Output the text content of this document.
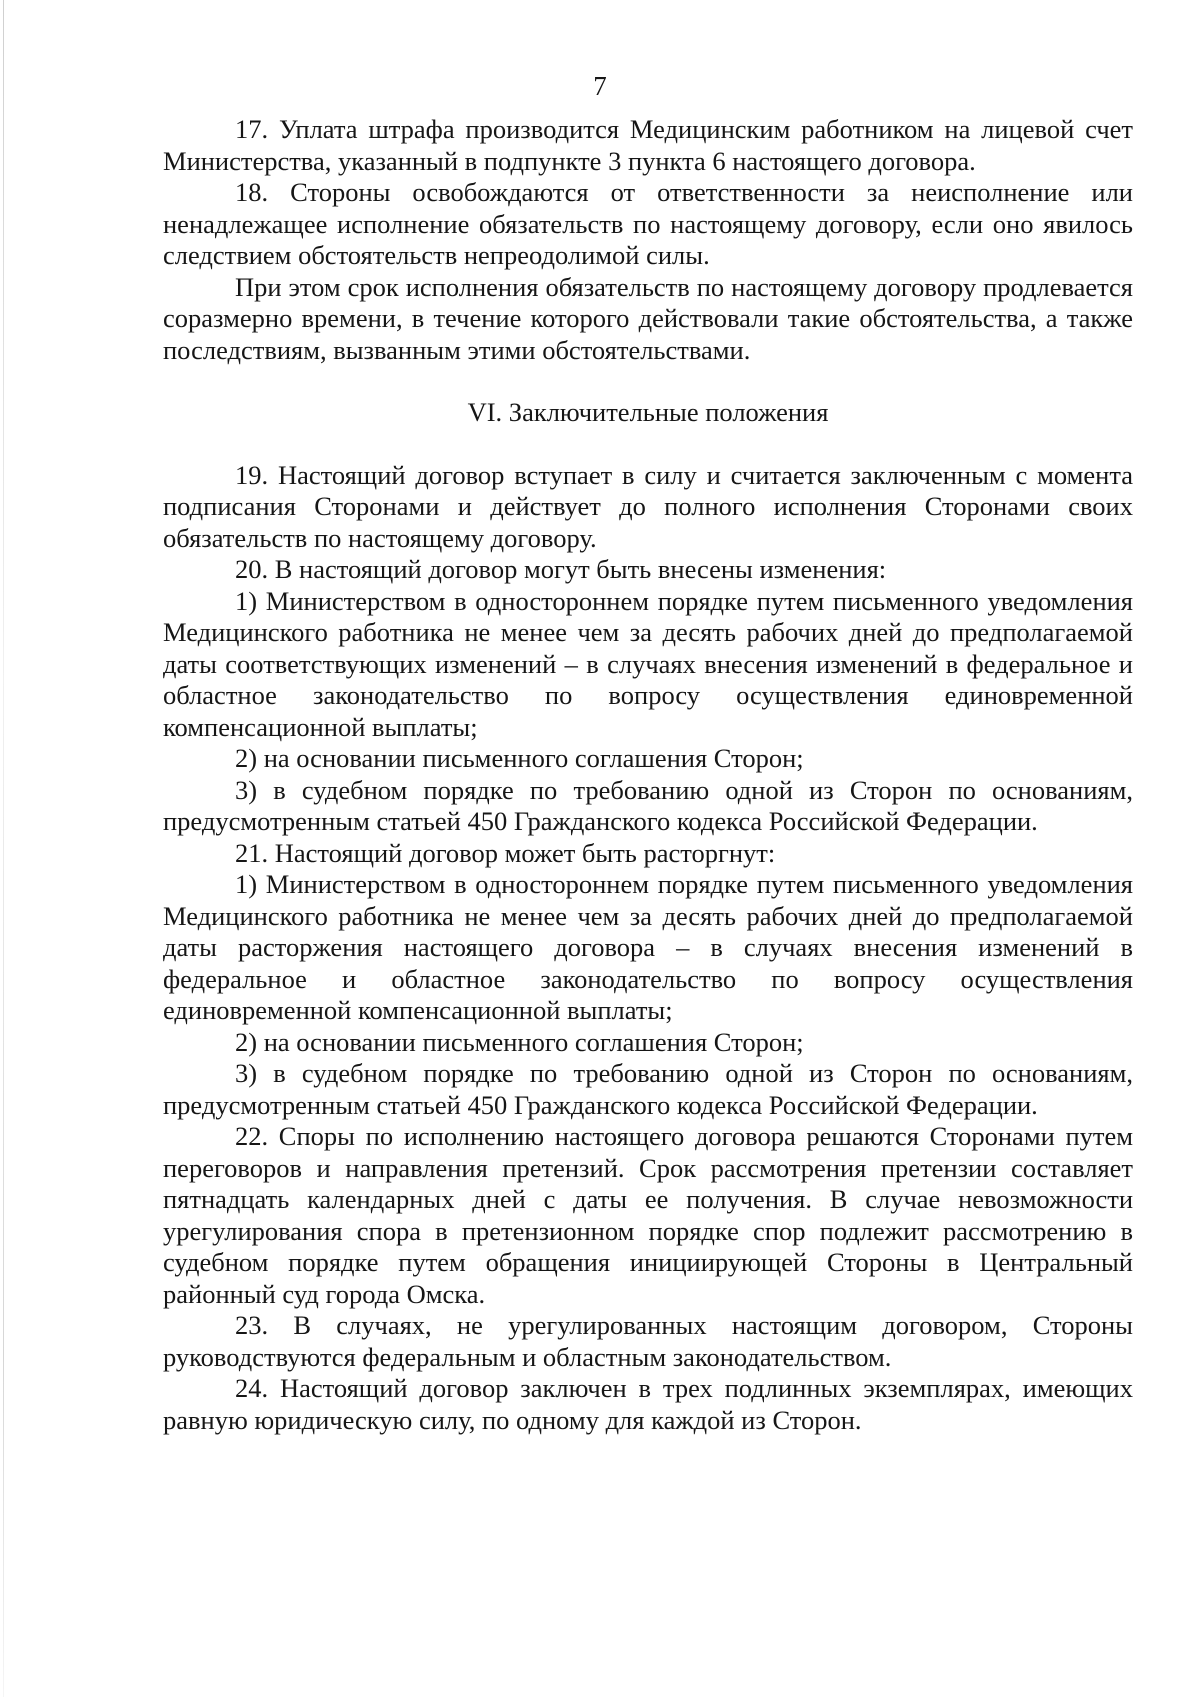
7

17. Уплата штрафа производится Медицинским работником на лицевой счет Министерства, указанный в подпункте 3 пункта 6 настоящего договора.

18. Стороны освобождаются от ответственности за неисполнение или ненадлежащее исполнение обязательств по настоящему договору, если оно явилось следствием обстоятельств непреодолимой силы.

При этом срок исполнения обязательств по настоящему договору продлевается соразмерно времени, в течение которого действовали такие обстоятельства, а также последствиям, вызванным этими обстоятельствами.

VI. Заключительные положения

19. Настоящий договор вступает в силу и считается заключенным с момента подписания Сторонами и действует до полного исполнения Сторонами своих обязательств по настоящему договору.

20. В настоящий договор могут быть внесены изменения:

1) Министерством в одностороннем порядке путем письменного уведомления Медицинского работника не менее чем за десять рабочих дней до предполагаемой даты соответствующих изменений – в случаях внесения изменений в федеральное и областное законодательство по вопросу осуществления единовременной компенсационной выплаты;

2) на основании письменного соглашения Сторон;

3) в судебном порядке по требованию одной из Сторон по основаниям, предусмотренным статьей 450 Гражданского кодекса Российской Федерации.

21. Настоящий договор может быть расторгнут:

1) Министерством в одностороннем порядке путем письменного уведомления Медицинского работника не менее чем за десять рабочих дней до предполагаемой даты расторжения настоящего договора – в случаях внесения изменений в федеральное и областное законодательство по вопросу осуществления единовременной компенсационной выплаты;

2) на основании письменного соглашения Сторон;

3) в судебном порядке по требованию одной из Сторон по основаниям, предусмотренным статьей 450 Гражданского кодекса Российской Федерации.

22. Споры по исполнению настоящего договора решаются Сторонами путем переговоров и направления претензий. Срок рассмотрения претензии составляет пятнадцать календарных дней с даты ее получения. В случае невозможности урегулирования спора в претензионном порядке спор подлежит рассмотрению в судебном порядке путем обращения инициирующей Стороны в Центральный районный суд города Омска.

23. В случаях, не урегулированных настоящим договором, Стороны руководствуются федеральным и областным законодательством.

24. Настоящий договор заключен в трех подлинных экземплярах, имеющих равную юридическую силу, по одному для каждой из Сторон.
